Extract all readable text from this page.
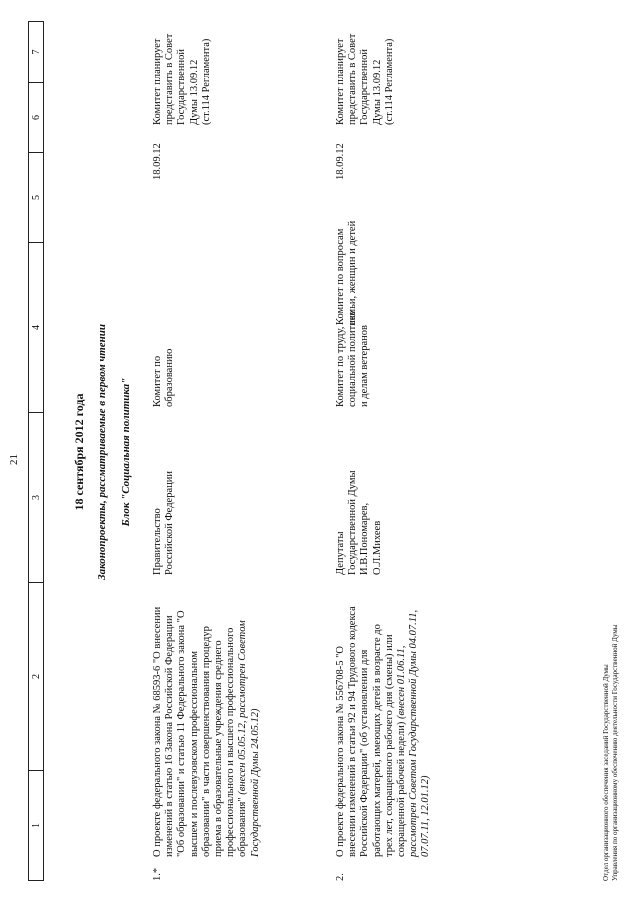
21
1
2
3
4
5
6
7
18 сентября 2012 года Законопроекты, рассматриваемые в первом чтении Блок "Социальная политика"
1.*
О проекте федерального закона № 68593-6 "О внесении изменений в статью 16 Закона Российской Федерации "Об образовании" и статью 11 Федерального закона "О высшем и послевузовском профессиональном образовании" в части совершенствования процедур приема в образовательные учреждения среднего профессионального и высшего профессионального образования" (внесен 05.05.12, рассмотрен Советом Государственной Думы 24.05.12)
Правительство Российской Федерации
Комитет по образованию
18.09.12
Комитет планирует представить в Совет Государственной Думы 13.09.12 (ст.114 Регламента)
2.
О проекте федерального закона № 556708-5 "О внесении изменений в статьи 92 и 94 Трудового кодекса Российской Федерации" (об установлении для работающих матерей, имеющих детей в возрасте до трех лет, сокращенного рабочего дня (смены) или сокращенной рабочей недели) (внесен 01.06.11, рассмотрен Советом Государственной Думы 04.07.11, 07.07.11, 12.01.12)
Депутаты Государственной Думы И.В.Пономарев, О.Л.Михеев
Комитет по труду, социальной политике и делам ветеранов
Комитет по вопросам семьи, женщин и детей
18.09.12
Комитет планирует представить в Совет Государственной Думы 13.09.12 (ст.114 Регламента)
Отдел организационного обеспечения заседаний Государственной Думы Управления по организационному обеспечению деятельности Государственной Думы
